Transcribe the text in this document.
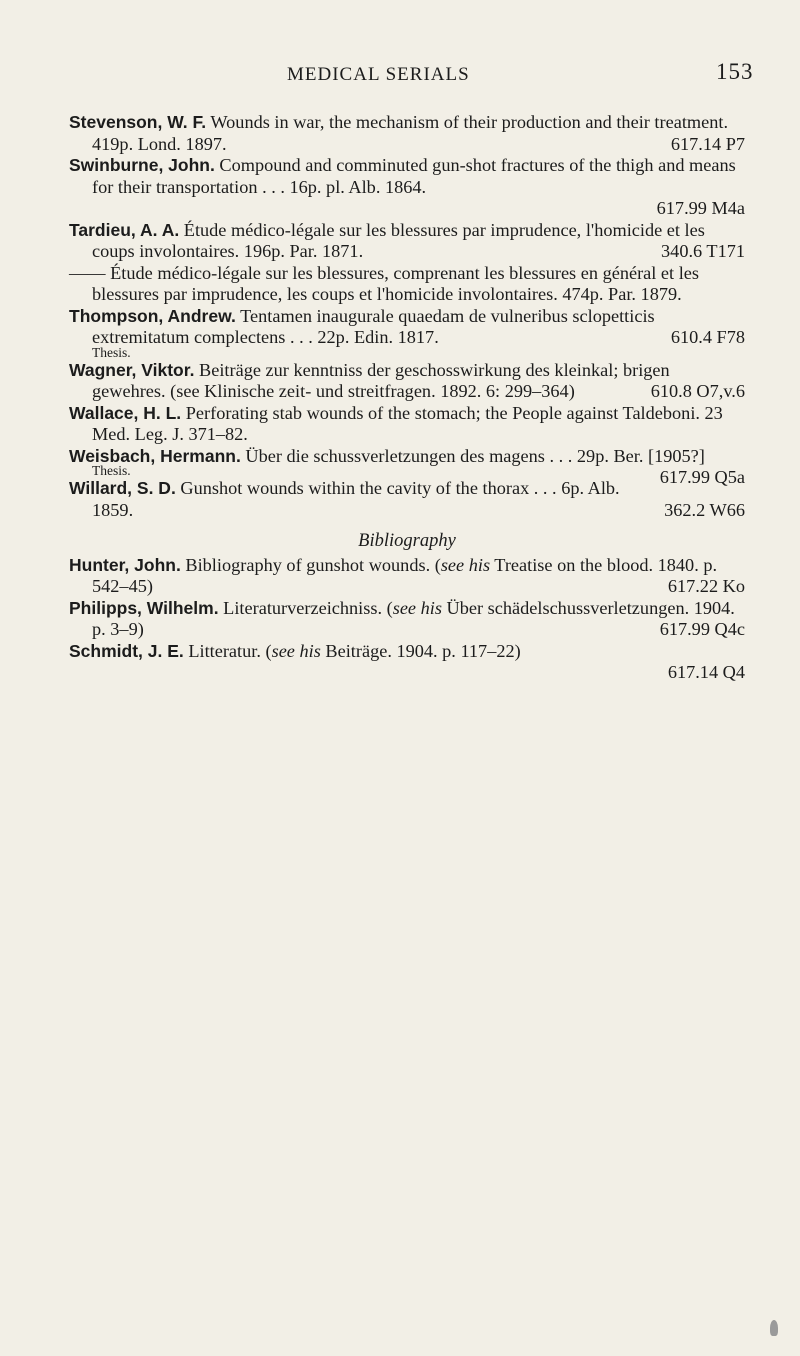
MEDICAL SERIALS	153
Stevenson, W. F. Wounds in war, the mechanism of their production and their treatment. 419p. Lond. 1897.	617.14 P7
Swinburne, John. Compound and comminuted gun-shot fractures of the thigh and means for their transportation . . . 16p. pl. Alb. 1864.
617.99 M4a
Tardieu, A. A. Étude médico-légale sur les blessures par imprudence, l'homicide et les coups involontaires. 196p. Par. 1871.	340.6 T171
—— Étude médico-légale sur les blessures, comprenant les blessures en général et les blessures par imprudence, les coups et l'homicide involontaires. 474p. Par. 1879.
Thompson, Andrew. Tentamen inaugurale quaedam de vulneribus sclopetticis extremitatum complectens . . . 22p. Edin. 1817.	610.4 F78
Thesis.
Wagner, Viktor. Beiträge zur kenntniss der geschosswirkung des kleinkal; brigen gewehres. (see Klinische zeit- und streitfragen. 1892. 6: 299–364)	610.8 O7,v.6
Wallace, H. L. Perforating stab wounds of the stomach; the People against Taldeboni. 23 Med. Leg. J. 371–82.
Weisbach, Hermann. Über die schussverletzungen des magens . . . 29p. Ber. [1905?]
617.99 Q5a
Thesis.
Willard, S. D. Gunshot wounds within the cavity of the thorax . . . 6p. Alb. 1859.	362.2 W66
Bibliography
Hunter, John. Bibliography of gunshot wounds. (see his Treatise on the blood. 1840. p. 542–45)	617.22 Ko
Philipps, Wilhelm. Literaturverzeichniss. (see his Über schädelschussverletzungen. 1904. p. 3–9)	617.99 Q4c
Schmidt, J. E. Litteratur. (see his Beiträge. 1904. p. 117–22)
617.14 Q4
